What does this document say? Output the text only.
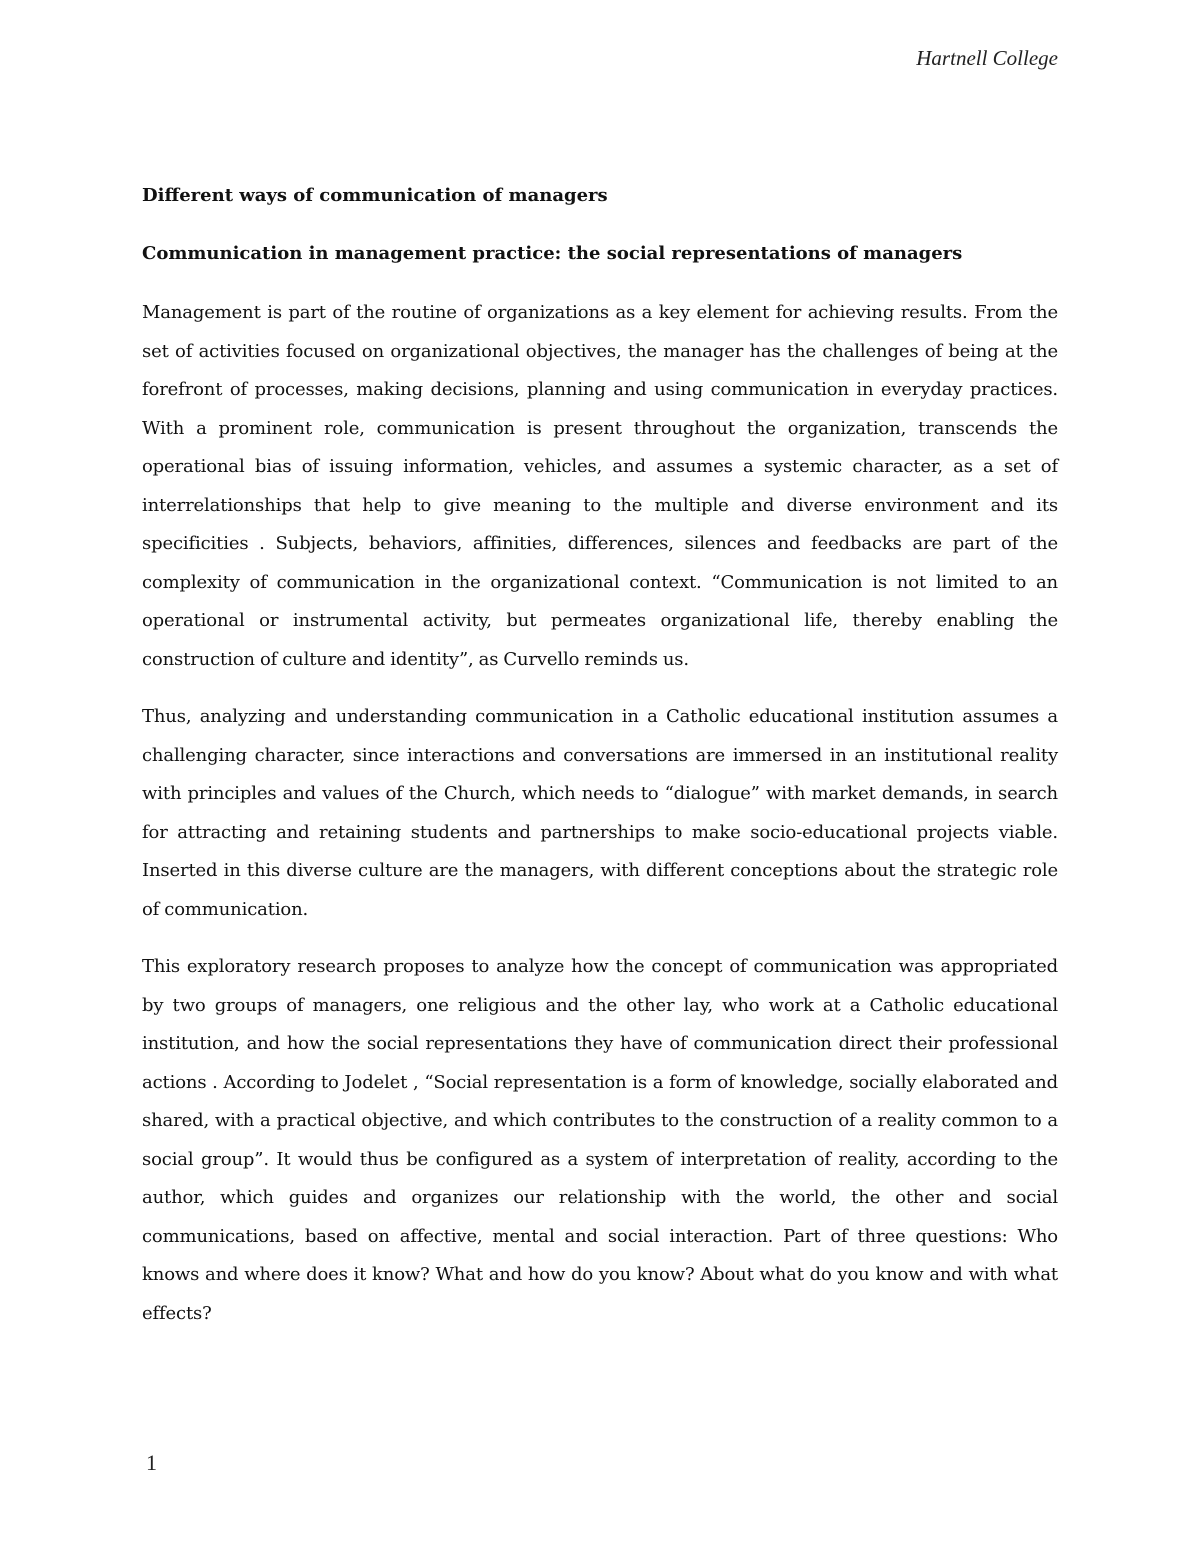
Hartnell College
Different ways of communication of managers
Communication in management practice: the social representations of managers

Management is part of the routine of organizations as a key element for achieving results. From the set of activities focused on organizational objectives, the manager has the challenges of being at the forefront of processes, making decisions, planning and using communication in everyday practices. With a prominent role, communication is present throughout the organization, transcends the operational bias of issuing information, vehicles, and assumes a systemic character, as a set of interrelationships that help to give meaning to the multiple and diverse environment and its specificities . Subjects, behaviors, affinities, differences, silences and feedbacks are part of the complexity of communication in the organizational context. “Communication is not limited to an operational or instrumental activity, but permeates organizational life, thereby enabling the construction of culture and identity”, as Curvello reminds us.

Thus, analyzing and understanding communication in a Catholic educational institution assumes a challenging character, since interactions and conversations are immersed in an institutional reality with principles and values of the Church, which needs to “dialogue” with market demands, in search for attracting and retaining students and partnerships to make socio-educational projects viable. Inserted in this diverse culture are the managers, with different conceptions about the strategic role of communication.

This exploratory research proposes to analyze how the concept of communication was appropriated by two groups of managers, one religious and the other lay, who work at a Catholic educational institution, and how the social representations they have of communication direct their professional actions . According to Jodelet , “Social representation is a form of knowledge, socially elaborated and shared, with a practical objective, and which contributes to the construction of a reality common to a social group”. It would thus be configured as a system of interpretation of reality, according to the author, which guides and organizes our relationship with the world, the other and social communications, based on affective, mental and social interaction. Part of three questions: Who knows and where does it know? What and how do you know? About what do you know and with what effects?

1
